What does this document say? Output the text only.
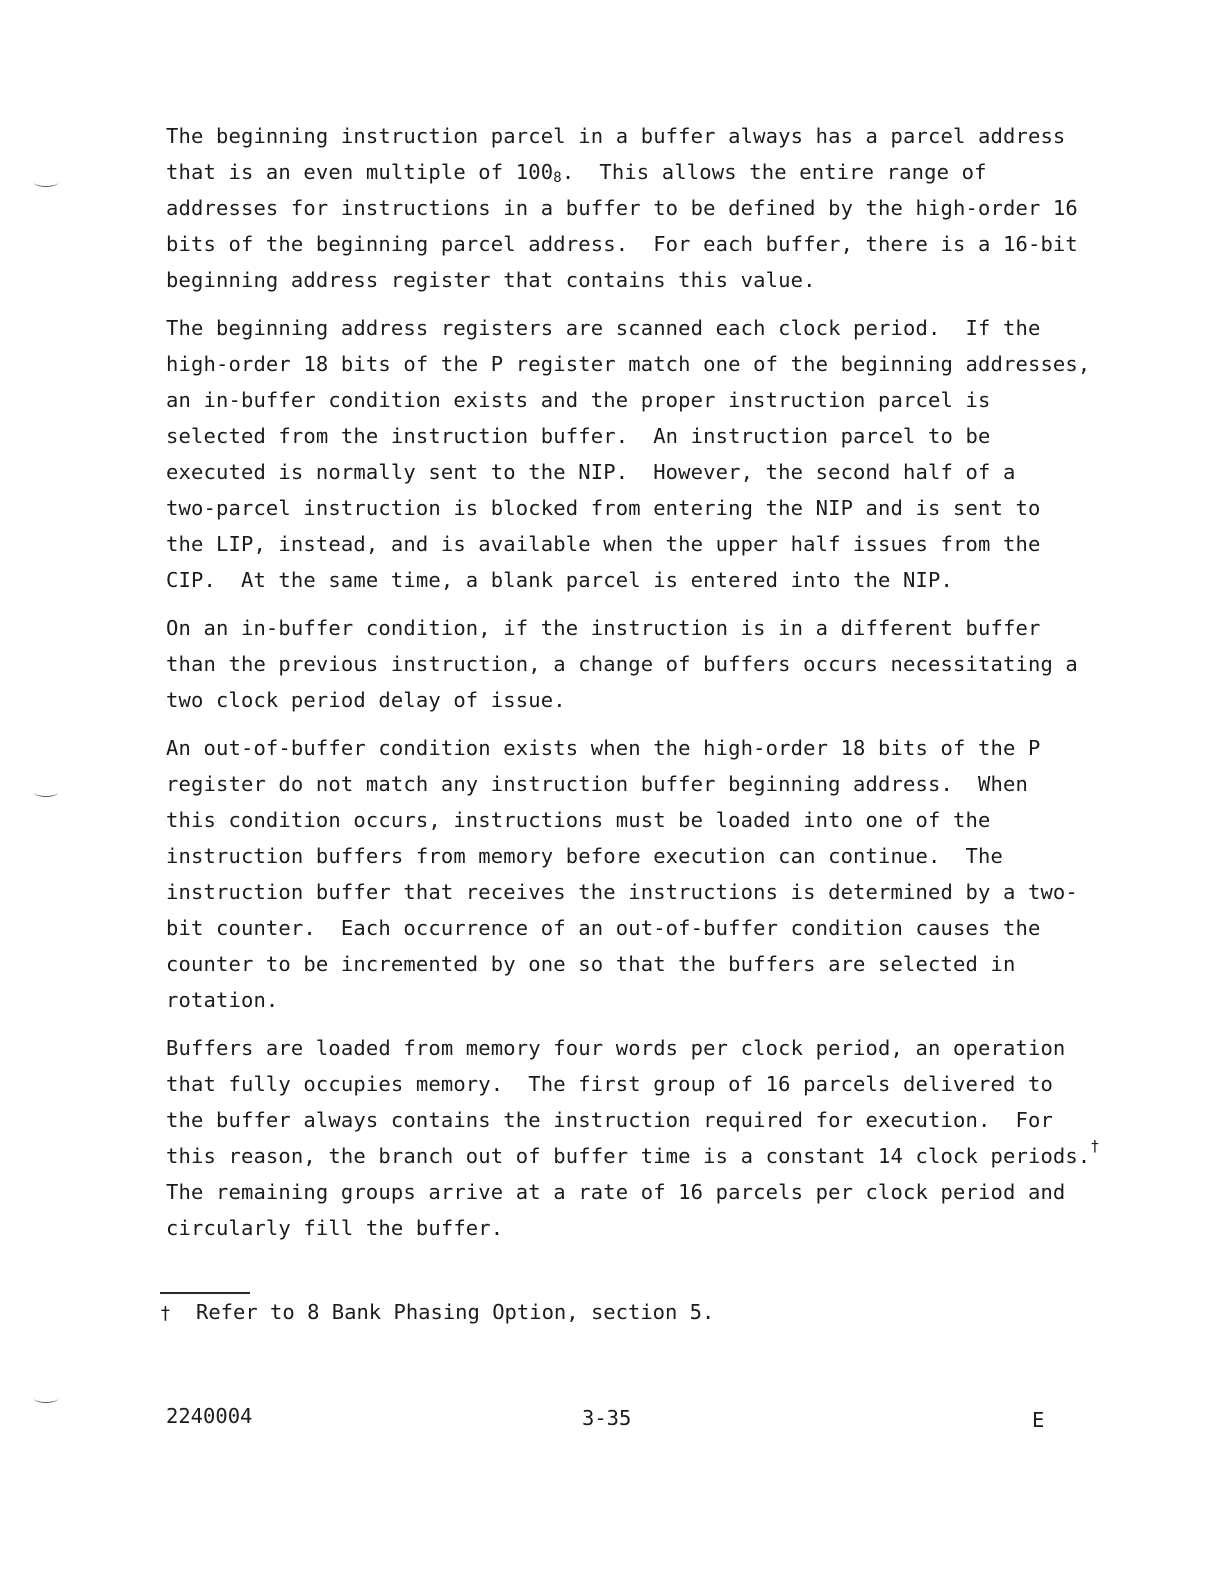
The beginning instruction parcel in a buffer always has a parcel address
that is an even multiple of $100_8$.  This allows the entire range of
addresses for instructions in a buffer to be defined by the high-order 16
bits of the beginning parcel address.  For each buffer, there is a 16-bit
beginning address register that contains this value.
The beginning address registers are scanned each clock period.  If the
high-order 18 bits of the P register match one of the beginning addresses,
an in-buffer condition exists and the proper instruction parcel is
selected from the instruction buffer.  An instruction parcel to be
executed is normally sent to the NIP.  However, the second half of a
two-parcel instruction is blocked from entering the NIP and is sent to
the LIP, instead, and is available when the upper half issues from the
CIP.  At the same time, a blank parcel is entered into the NIP.
On an in-buffer condition, if the instruction is in a different buffer
than the previous instruction, a change of buffers occurs necessitating a
two clock period delay of issue.
An out-of-buffer condition exists when the high-order 18 bits of the P
register do not match any instruction buffer beginning address.  When
this condition occurs, instructions must be loaded into one of the
instruction buffers from memory before execution can continue.  The
instruction buffer that receives the instructions is determined by a two-
bit counter.  Each occurrence of an out-of-buffer condition causes the
counter to be incremented by one so that the buffers are selected in
rotation.
Buffers are loaded from memory four words per clock period, an operation
that fully occupies memory.  The first group of 16 parcels delivered to
the buffer always contains the instruction required for execution.  For
this reason, the branch out of buffer time is a constant 14 clock periods.†
The remaining groups arrive at a rate of 16 parcels per clock period and
circularly fill the buffer.
† Refer to 8 Bank Phasing Option, section 5.
2240004	3-35	E
